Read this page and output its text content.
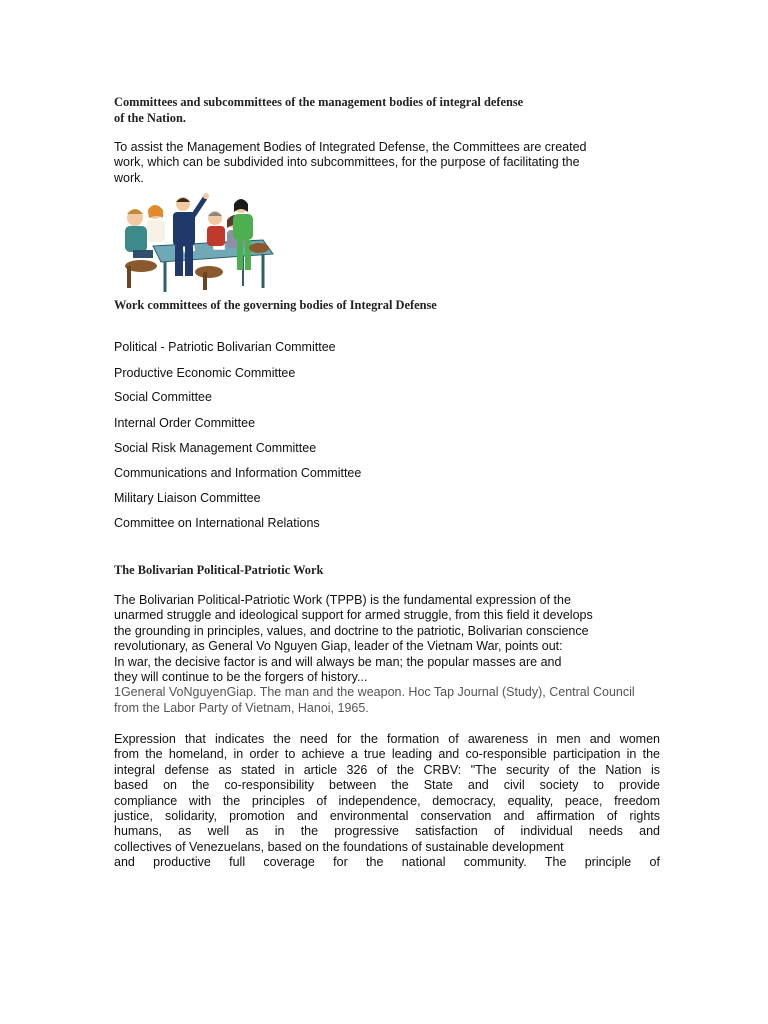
Committees and subcommittees of the management bodies of integral defense
of the Nation.
To assist the Management Bodies of Integrated Defense, the Committees are created
work, which can be subdivided into subcommittees, for the purpose of facilitating the
work.
Work committees of the governing bodies of Integral Defense
Political - Patriotic Bolivarian Committee
Productive Economic Committee
Social Committee
Internal Order Committee
Social Risk Management Committee
Communications and Information Committee
Military Liaison Committee
Committee on International Relations
The Bolivarian Political-Patriotic Work
The Bolivarian Political-Patriotic Work (TPPB) is the fundamental expression of the
unarmed struggle and ideological support for armed struggle, from this field it develops
the grounding in principles, values, and doctrine to the patriotic, Bolivarian conscience
revolutionary, as General Vo Nguyen Giap, leader of the Vietnam War, points out:
In war, the decisive factor is and will always be man; the popular masses are and
they will continue to be the forgers of history...
1General VoNguyenGiap. The man and the weapon. Hoc Tap Journal (Study), Central Council
from the Labor Party of Vietnam, Hanoi, 1965.
Expression that indicates the need for the formation of awareness in men and women
from the homeland, in order to achieve a true leading and co-responsible participation in the
integral defense as stated in article 326 of the CRBV: "The security of the Nation is
based on the co-responsibility between the State and civil society to provide
compliance with the principles of independence, democracy, equality, peace, freedom
justice, solidarity, promotion and environmental conservation and affirmation of rights
humans, as well as in the progressive satisfaction of individual needs and
collectives of Venezuelans, based on the foundations of sustainable development
and productive full coverage for the national community. The principle of
